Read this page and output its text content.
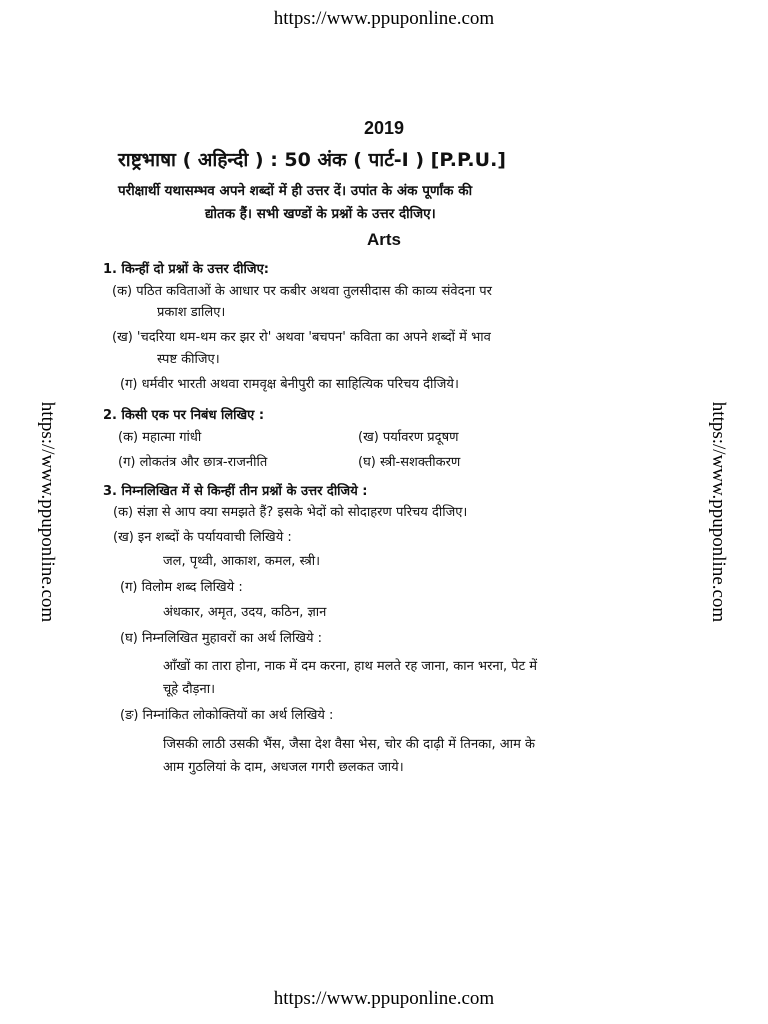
https://www.ppuponline.com
https://www.ppuponline.com	https://www.ppuponline.com
2019
राष्ट्रभाषा ( अहिन्दी ) : 50 अंक ( पार्ट-I ) [P.P.U.]
परीक्षार्थी यथासम्भव अपने शब्दों में ही उत्तर दें। उपांत के अंक पूर्णांक की
द्योतक हैं। सभी खण्डों के प्रश्नों के उत्तर दीजिए।
Arts
1. किन्हीं दो प्रश्नों के उत्तर दीजिए:
(क) पठित कविताओं के आधार पर कबीर अथवा तुलसीदास की काव्य संवेदना पर
प्रकाश डालिए।
(ख) 'चदरिया थम-थम कर झर रो' अथवा 'बचपन' कविता का अपने शब्दों में भाव
स्पष्ट कीजिए।
(ग) धर्मवीर भारती अथवा रामवृक्ष बेनीपुरी का साहित्यिक परिचय दीजिये।
2. किसी एक पर निबंध लिखिए :
(क) महात्मा गांधी	(ख) पर्यावरण प्रदूषण
(ग) लोकतंत्र और छात्र-राजनीति	(घ) स्त्री-सशक्तीकरण
3. निम्नलिखित में से किन्हीं तीन प्रश्नों के उत्तर दीजिये :
(क) संज्ञा से आप क्या समझते हैं? इसके भेदों को सोदाहरण परिचय दीजिए।
(ख) इन शब्दों के पर्यायवाची लिखिये :
जल, पृथ्वी, आकाश, कमल, स्त्री।
(ग) विलोम शब्द लिखिये :
अंधकार, अमृत, उदय, कठिन, ज्ञान
(घ) निम्नलिखित मुहावरों का अर्थ लिखिये :
आँखों का तारा होना, नाक में दम करना, हाथ मलते रह जाना, कान भरना, पेट में
चूहे दौड़ना।
(ङ) निम्नांकित लोकोक्तियों का अर्थ लिखिये :
जिसकी लाठी उसकी भैंस, जैसा देश वैसा भेस, चोर की दाढ़ी में तिनका, आम के
आम गुठलियां के दाम, अधजल गगरी छलकत जाये।
https://www.ppuponline.com
